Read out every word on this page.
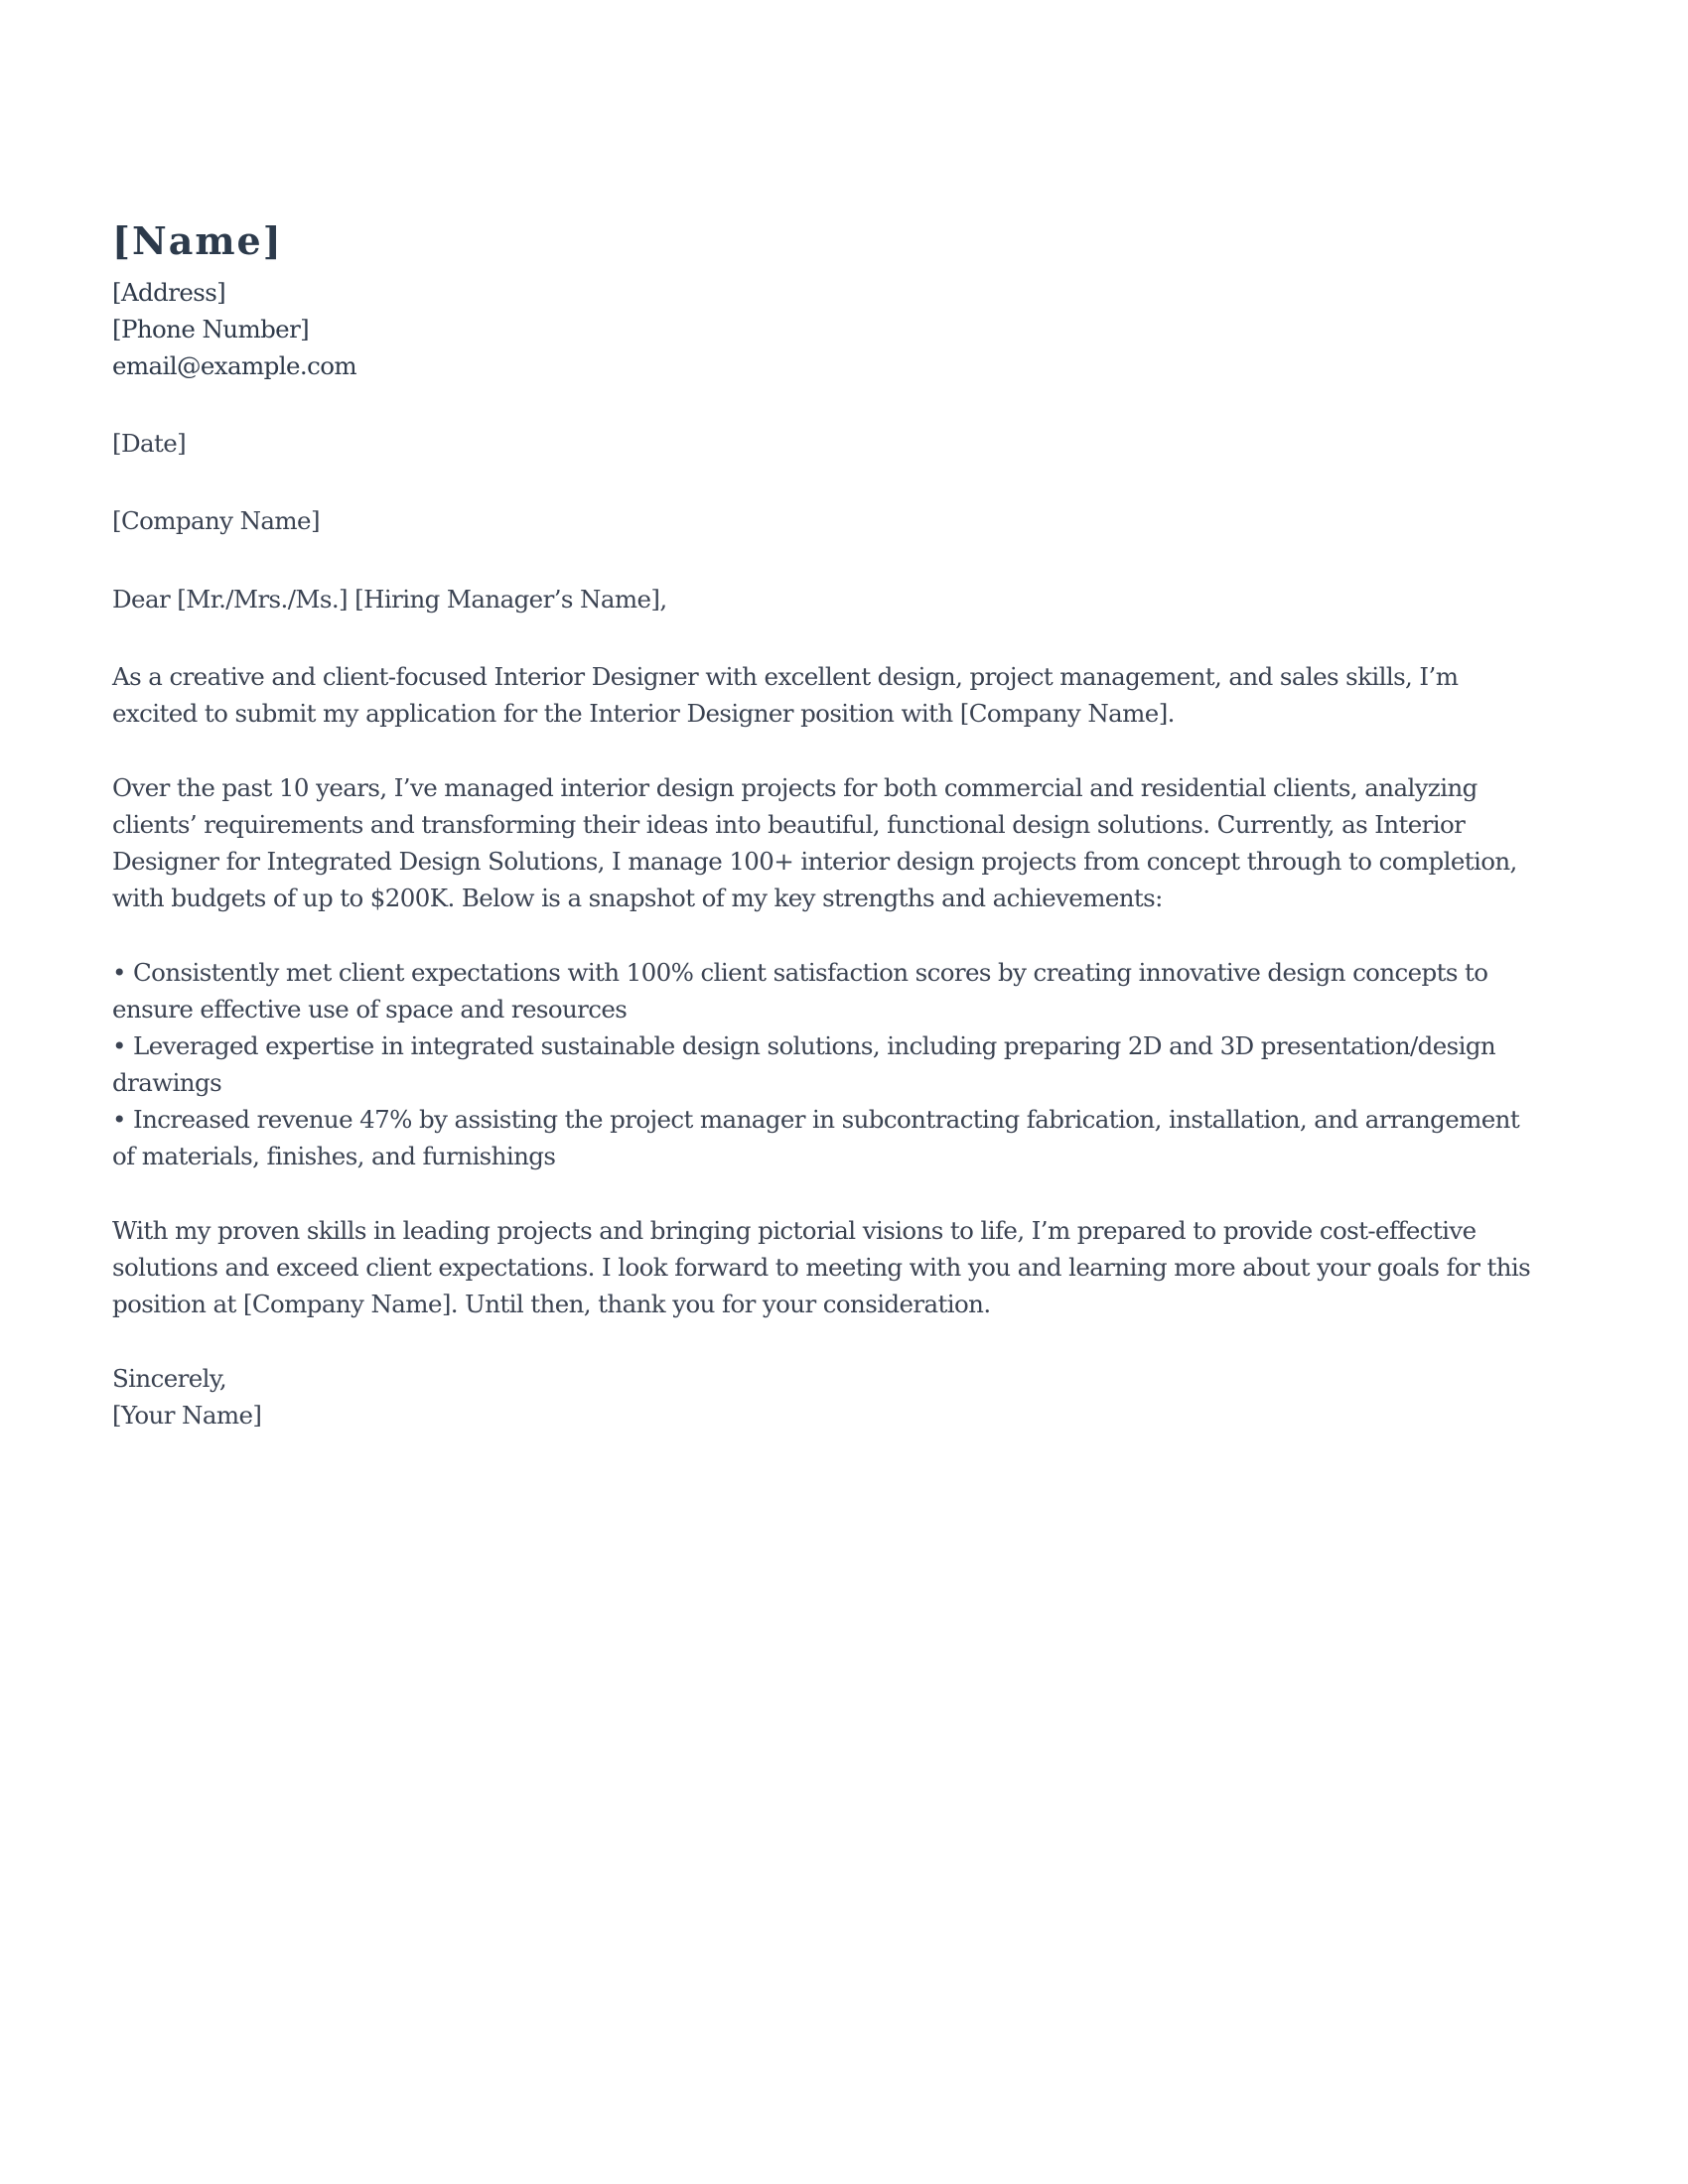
[Name]
[Address]
[Phone Number]
email@example.com
[Date]
[Company Name]
Dear [Mr./Mrs./Ms.] [Hiring Manager’s Name],
As a creative and client-focused Interior Designer with excellent design, project management, and sales skills, I’m
excited to submit my application for the Interior Designer position with [Company Name].
Over the past 10 years, I’ve managed interior design projects for both commercial and residential clients, analyzing
clients’ requirements and transforming their ideas into beautiful, functional design solutions. Currently, as Interior
Designer for Integrated Design Solutions, I manage 100+ interior design projects from concept through to completion,
with budgets of up to $200K. Below is a snapshot of my key strengths and achievements:
• Consistently met client expectations with 100% client satisfaction scores by creating innovative design concepts to
ensure effective use of space and resources
• Leveraged expertise in integrated sustainable design solutions, including preparing 2D and 3D presentation/design
drawings
• Increased revenue 47% by assisting the project manager in subcontracting fabrication, installation, and arrangement
of materials, finishes, and furnishings
With my proven skills in leading projects and bringing pictorial visions to life, I’m prepared to provide cost-effective
solutions and exceed client expectations. I look forward to meeting with you and learning more about your goals for this
position at [Company Name]. Until then, thank you for your consideration.
Sincerely,
[Your Name]
